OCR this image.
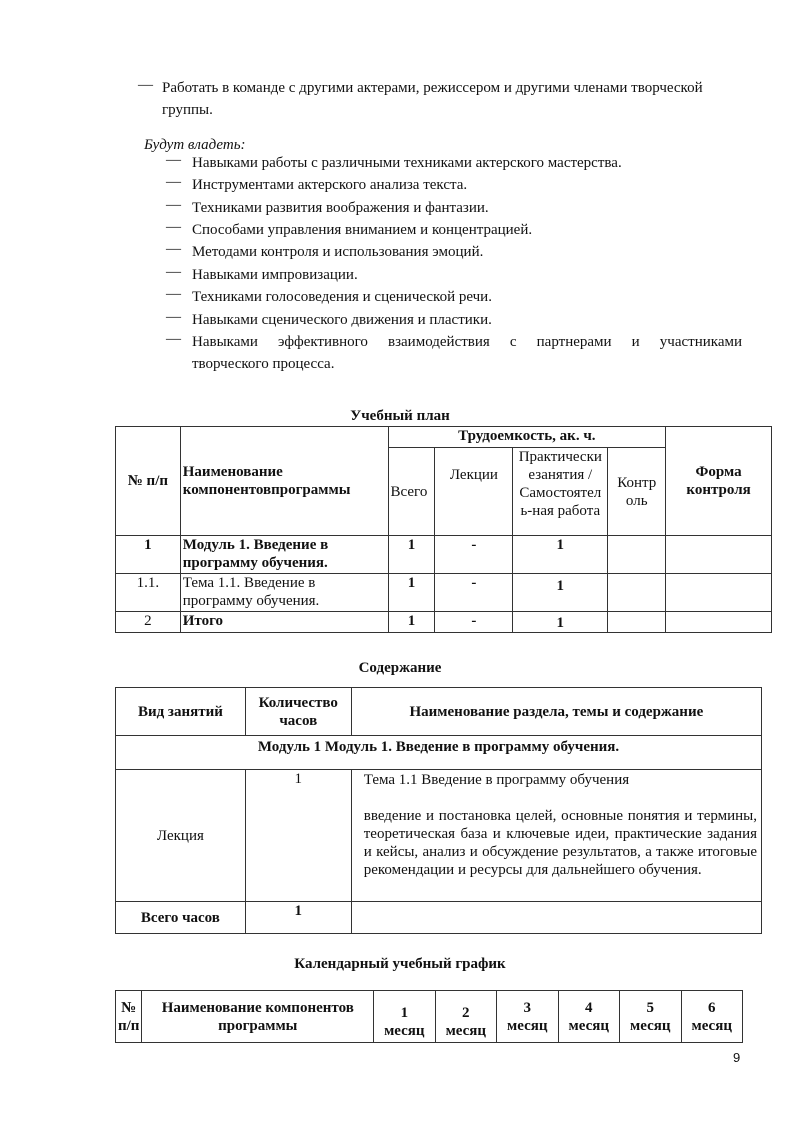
— Работать в команде с другими актерами, режиссером и другими членами творческой
группы.
Будут владеть:
— Навыками работы с различными техниками актерского мастерства.
— Инструментами актерского анализа текста.
— Техниками развития воображения и фантазии.
— Способами управления вниманием и концентрацией.
— Методами контроля и использования эмоций.
— Навыками импровизации.
— Техниками голосоведения и сценической речи.
— Навыками сценического движения и пластики.
— Навыками эффективного взаимодействия с партнерами и участниками
творческого процесса.
Учебный план
№ п/п	Наименование компонентовпрограммы	Трудоемкость, ак. ч.				Форма контроля
		Всего	Лекции	Практически езанятия / Самостоятел ь-ная работа	Контр оль	
1	Модуль 1. Введение в программу обучения.	1	-	1		
1.1.	Тема 1.1. Введение в программу обучения.	1	-	1		
2	Итого	1	-	1		
Содержание
Вид занятий	Количество часов	Наименование раздела, темы и содержание
Модуль 1 Модуль 1. Введение в программу обучения.		
Лекция	1	Тема 1.1 Введение в программу обучения
введение и постановка целей, основные понятия и термины, теоретическая база и ключевые идеи, практические задания и кейсы, анализ и обсуждение результатов, а также итоговые рекомендации и ресурсы для дальнейшего обучения.

Всего часов	1	
Календарный учебный график
№ п/п	Наименование компонентов программы	1 месяц	2 месяц	3 месяц	4 месяц	5 месяц	6 месяц
9
